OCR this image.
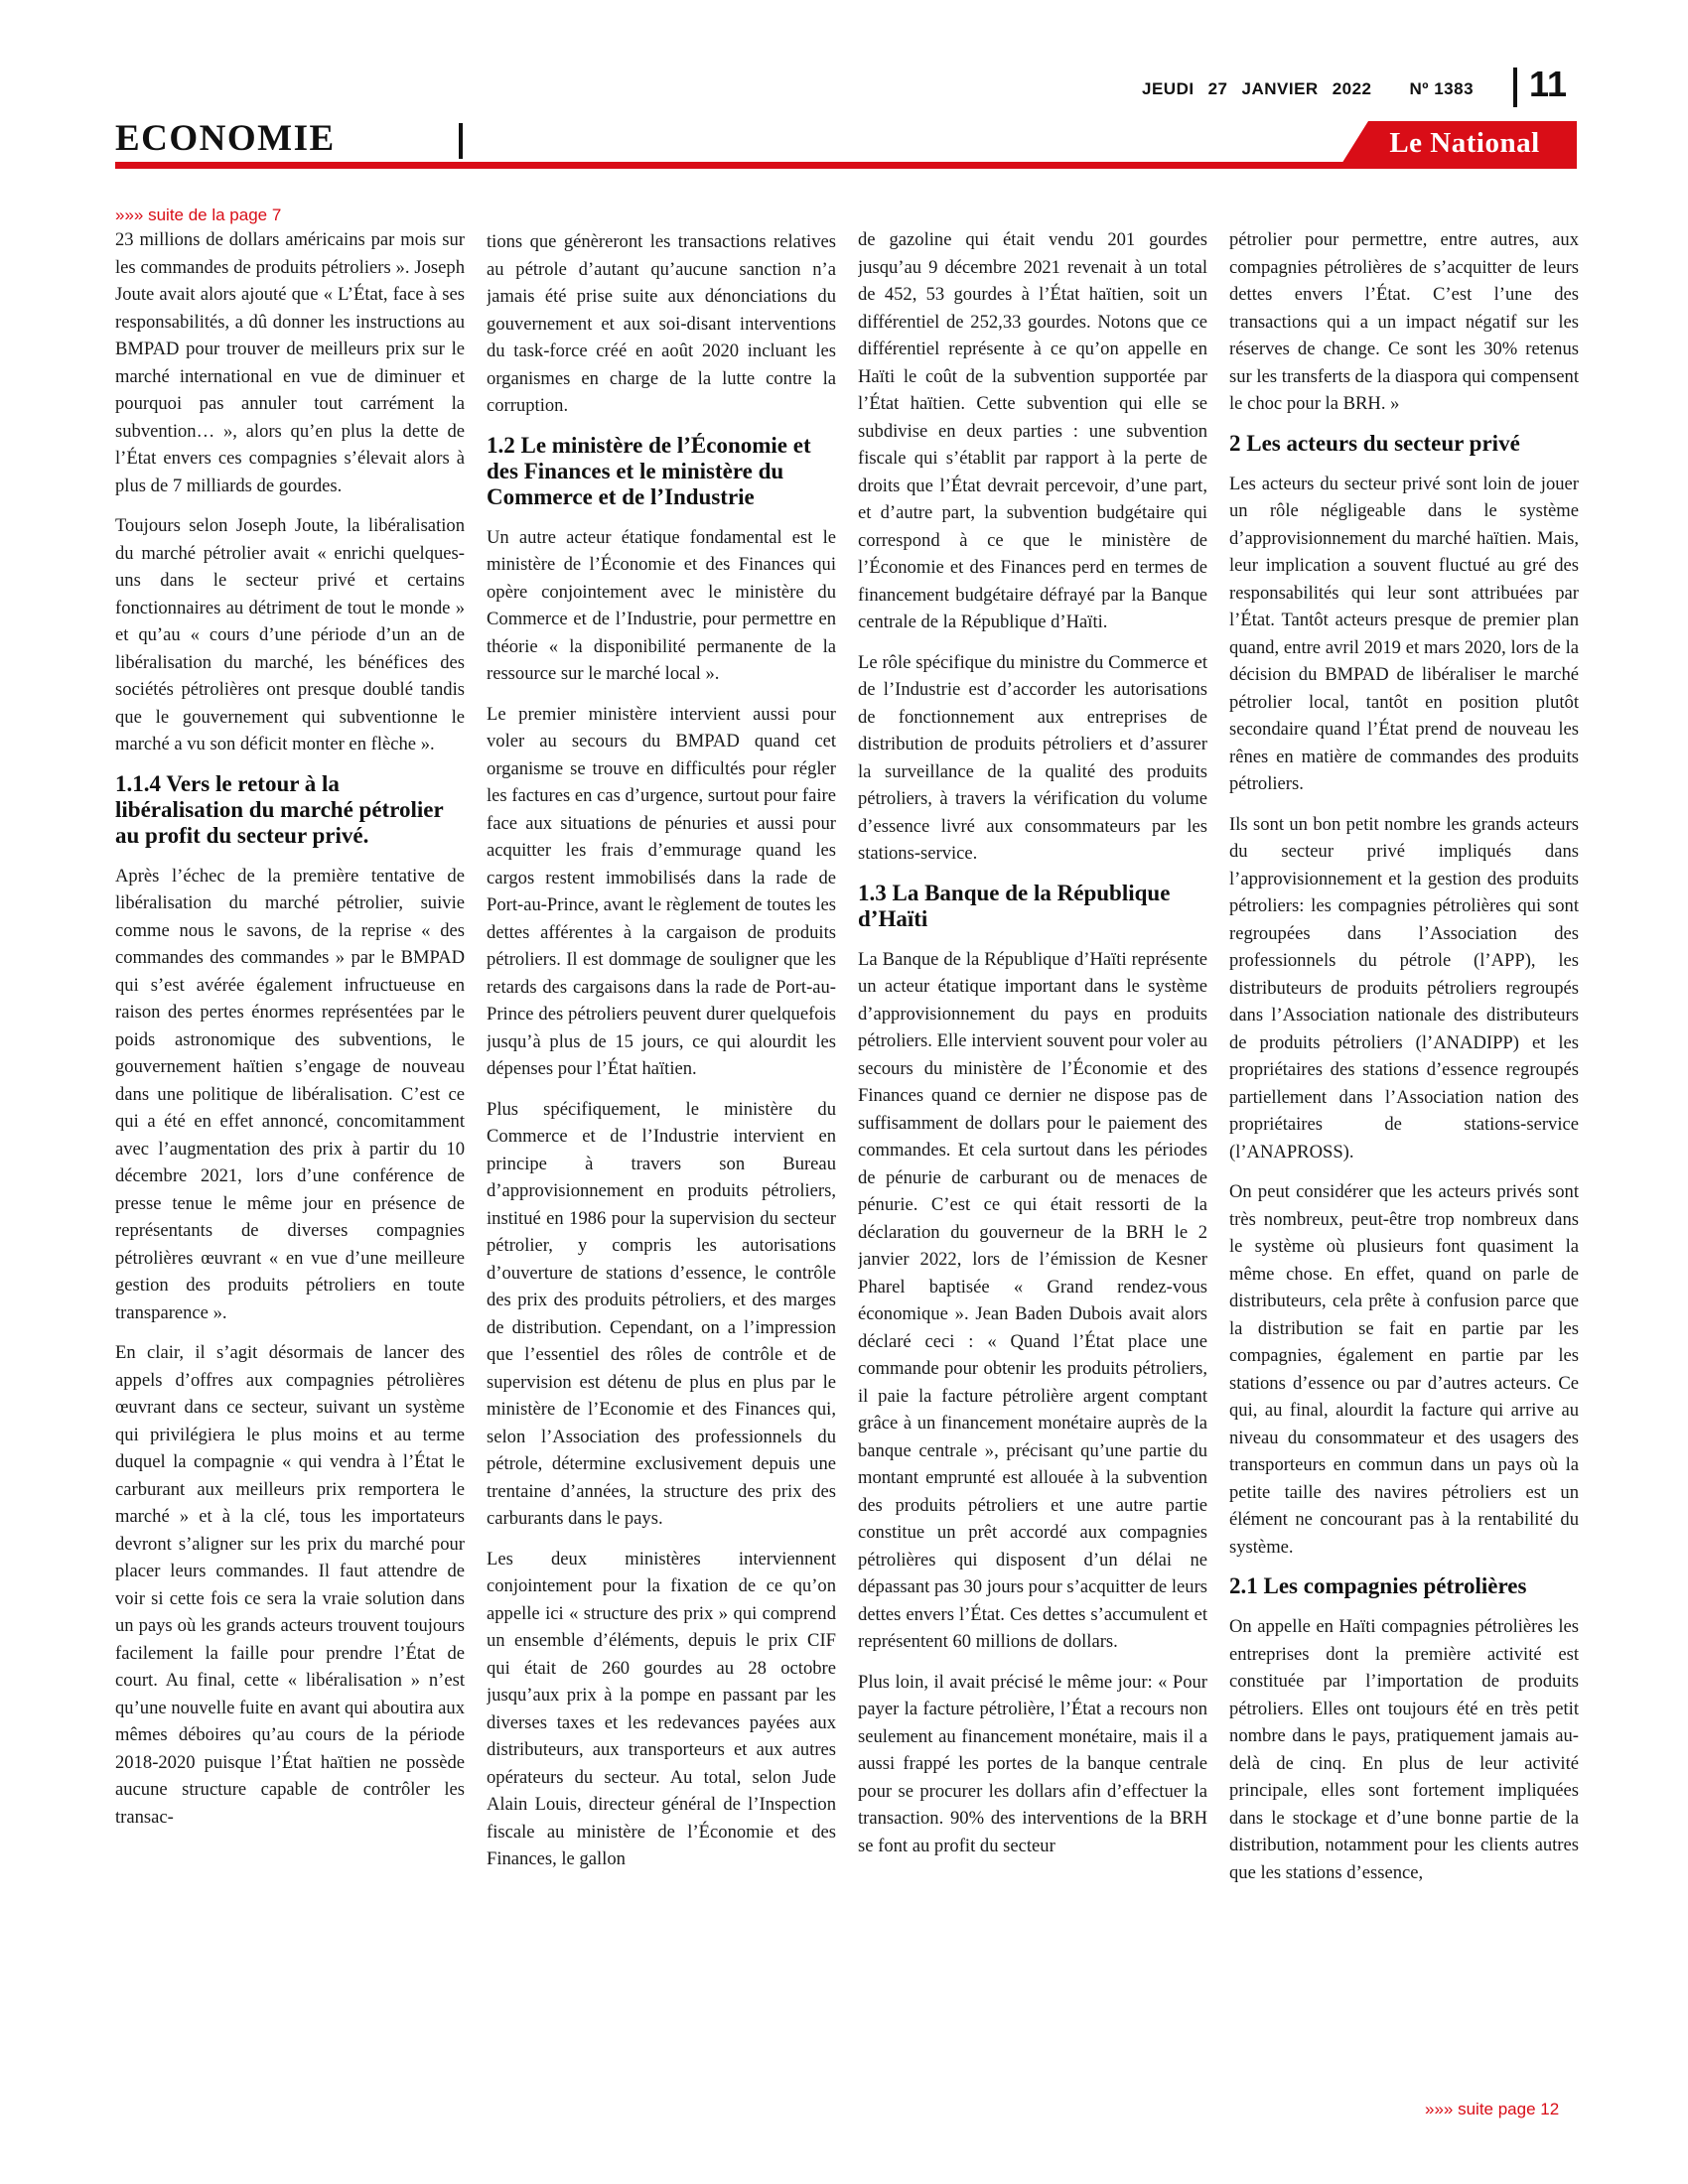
JEUDI 27 JANVIER 2022 Nº 1383 11
ECONOMIE	Le National
»»» suite de la page 7

23 millions de dollars américains par mois sur les commandes de produits pétroliers ». Joseph Joute avait alors ajouté que « L’État, face à ses responsabilités, a dû donner les instructions au BMPAD pour trouver de meilleurs prix sur le marché international en vue de diminuer et pourquoi pas annuler tout carrément la subvention… », alors qu’en plus la dette de l’État envers ces compagnies s’élevait alors à plus de 7 milliards de gourdes.

Toujours selon Joseph Joute, la libéralisation du marché pétrolier avait « enrichi quelques-uns dans le secteur privé et certains fonctionnaires au détriment de tout le monde » et qu’au « cours d’une période d’un an de libéralisation du marché, les bénéfices des sociétés pétrolières ont presque doublé tandis que le gouvernement qui subventionne le marché a vu son déficit monter en flèche ».

1.1.4 Vers le retour à la libéralisation du marché pétrolier au profit du secteur privé.

Après l’échec de la première tentative de libéralisation du marché pétrolier, suivie comme nous le savons, de la reprise « des commandes des commandes » par le BMPAD qui s’est avérée également infructueuse en raison des pertes énormes représentées par le poids astronomique des subventions, le gouvernement haïtien s’engage de nouveau dans une politique de libéralisation. C’est ce qui a été en effet annoncé, concomitamment avec l’augmentation des prix à partir du 10 décembre 2021, lors d’une conférence de presse tenue le même jour en présence de représentants de diverses compagnies pétrolières œuvrant « en vue d’une meilleure gestion des produits pétroliers en toute transparence ».

En clair, il s’agit désormais de lancer des appels d’offres aux compagnies pétrolières œuvrant dans ce secteur, suivant un système qui privilégiera le plus moins et au terme duquel la compagnie « qui vendra à l’État le carburant aux meilleurs prix remportera le marché » et à la clé, tous les importateurs devront s’aligner sur les prix du marché pour placer leurs commandes. Il faut attendre de voir si cette fois ce sera la vraie solution dans un pays où les grands acteurs trouvent toujours facilement la faille pour prendre l’État de court. Au final, cette « libéralisation » n’est qu’une nouvelle fuite en avant qui aboutira aux mêmes déboires qu’au cours de la période 2018-2020 puisque l’État haïtien ne possède aucune structure capable de contrôler les transac-

tions que génèreront les transactions relatives au pétrole d’autant qu’aucune sanction n’a jamais été prise suite aux dénonciations du gouvernement et aux soi-disant interventions du task-force créé en août 2020 incluant les organismes en charge de la lutte contre la corruption.

1.2 Le ministère de l’Économie et des Finances et le ministère du Commerce et de l’Industrie

Un autre acteur étatique fondamental est le ministère de l’Économie et des Finances qui opère conjointement avec le ministère du Commerce et de l’Industrie, pour permettre en théorie « la disponibilité permanente de la ressource sur le marché local ».

Le premier ministère intervient aussi pour voler au secours du BMPAD quand cet organisme se trouve en difficultés pour régler les factures en cas d’urgence, surtout pour faire face aux situations de pénuries et aussi pour acquitter les frais d’emmurage quand les cargos restent immobilisés dans la rade de Port-au-Prince, avant le règlement de toutes les dettes afférentes à la cargaison de produits pétroliers. Il est dommage de souligner que les retards des cargaisons dans la rade de Port-au-Prince des pétroliers peuvent durer quelquefois jusqu’à plus de 15 jours, ce qui alourdit les dépenses pour l’État haïtien.

Plus spécifiquement, le ministère du Commerce et de l’Industrie intervient en principe à travers son Bureau d’approvisionnement en produits pétroliers, institué en 1986 pour la supervision du secteur pétrolier, y compris les autorisations d’ouverture de stations d’essence, le contrôle des prix des produits pétroliers, et des marges de distribution. Cependant, on a l’impression que l’essentiel des rôles de contrôle et de supervision est détenu de plus en plus par le ministère de l’Economie et des Finances qui, selon l’Association des professionnels du pétrole, détermine exclusivement depuis une trentaine d’années, la structure des prix des carburants dans le pays.

Les deux ministères interviennent conjointement pour la fixation de ce qu’on appelle ici « structure des prix » qui comprend un ensemble d’éléments, depuis le prix CIF qui était de 260 gourdes au 28 octobre jusqu’aux prix à la pompe en passant par les diverses taxes et les redevances payées aux distributeurs, aux transporteurs et aux autres opérateurs du secteur. Au total, selon Jude Alain Louis, directeur général de l’Inspection fiscale au ministère de l’Économie et des Finances, le gallon

de gazoline qui était vendu 201 gourdes jusqu’au 9 décembre 2021 revenait à un total de 452, 53 gourdes à l’État haïtien, soit un différentiel de 252,33 gourdes. Notons que ce différentiel représente à ce qu’on appelle en Haïti le coût de la subvention supportée par l’État haïtien. Cette subvention qui elle se subdivise en deux parties : une subvention fiscale qui s’établit par rapport à la perte de droits que l’État devrait percevoir, d’une part, et d’autre part, la subvention budgétaire qui correspond à ce que le ministère de l’Économie et des Finances perd en termes de financement budgétaire défrayé par la Banque centrale de la République d’Haïti.

Le rôle spécifique du ministre du Commerce et de l’Industrie est d’accorder les autorisations de fonctionnement aux entreprises de distribution de produits pétroliers et d’assurer la surveillance de la qualité des produits pétroliers, à travers la vérification du volume d’essence livré aux consommateurs par les stations-service.

1.3 La Banque de la République d’Haïti

La Banque de la République d’Haïti représente un acteur étatique important dans le système d’approvisionnement du pays en produits pétroliers. Elle intervient souvent pour voler au secours du ministère de l’Économie et des Finances quand ce dernier ne dispose pas de suffisamment de dollars pour le paiement des commandes. Et cela surtout dans les périodes de pénurie de carburant ou de menaces de pénurie. C’est ce qui était ressorti de la déclaration du gouverneur de la BRH le 2 janvier 2022, lors de l’émission de Kesner Pharel baptisée « Grand rendez-vous économique ». Jean Baden Dubois avait alors déclaré ceci : « Quand l’État place une commande pour obtenir les produits pétroliers, il paie la facture pétrolière argent comptant grâce à un financement monétaire auprès de la banque centrale », précisant qu’une partie du montant emprunté est allouée à la subvention des produits pétroliers et une autre partie constitue un prêt accordé aux compagnies pétrolières qui disposent d’un délai ne dépassant pas 30 jours pour s’acquitter de leurs dettes envers l’État. Ces dettes s’accumulent et représentent 60 millions de dollars.

Plus loin, il avait précisé le même jour: « Pour payer la facture pétrolière, l’État a recours non seulement au financement monétaire, mais il a aussi frappé les portes de la banque centrale pour se procurer les dollars afin d’effectuer la transaction. 90% des interventions de la BRH se font au profit du secteur

pétrolier pour permettre, entre autres, aux compagnies pétrolières de s’acquitter de leurs dettes envers l’État. C’est l’une des transactions qui a un impact négatif sur les réserves de change. Ce sont les 30% retenus sur les transferts de la diaspora qui compensent le choc pour la BRH. »

2 Les acteurs du secteur privé

Les acteurs du secteur privé sont loin de jouer un rôle négligeable dans le système d’approvisionnement du marché haïtien. Mais, leur implication a souvent fluctué au gré des responsabilités qui leur sont attribuées par l’État. Tantôt acteurs presque de premier plan quand, entre avril 2019 et mars 2020, lors de la décision du BMPAD de libéraliser le marché pétrolier local, tantôt en position plutôt secondaire quand l’État prend de nouveau les rênes en matière de commandes des produits pétroliers.

Ils sont un bon petit nombre les grands acteurs du secteur privé impliqués dans l’approvisionnement et la gestion des produits pétroliers: les compagnies pétrolières qui sont regroupées dans l’Association des professionnels du pétrole (l’APP), les distributeurs de produits pétroliers regroupés dans l’Association nationale des distributeurs de produits pétroliers (l’ANADIPP) et les propriétaires des stations d’essence regroupés partiellement dans l’Association nation des propriétaires de stations-service (l’ANAPROSS).

On peut considérer que les acteurs privés sont très nombreux, peut-être trop nombreux dans le système où plusieurs font quasiment la même chose. En effet, quand on parle de distributeurs, cela prête à confusion parce que la distribution se fait en partie par les compagnies, également en partie par les stations d’essence ou par d’autres acteurs. Ce qui, au final, alourdit la facture qui arrive au niveau du consommateur et des usagers des transporteurs en commun dans un pays où la petite taille des navires pétroliers est un élément ne concourant pas à la rentabilité du système.

2.1 Les compagnies pétrolières

On appelle en Haïti compagnies pétrolières les entreprises dont la première activité est constituée par l’importation de produits pétroliers. Elles ont toujours été en très petit nombre dans le pays, pratiquement jamais au-delà de cinq. En plus de leur activité principale, elles sont fortement impliquées dans le stockage et d’une bonne partie de la distribution, notamment pour les clients autres que les stations d’essence,

»»» suite page 12
